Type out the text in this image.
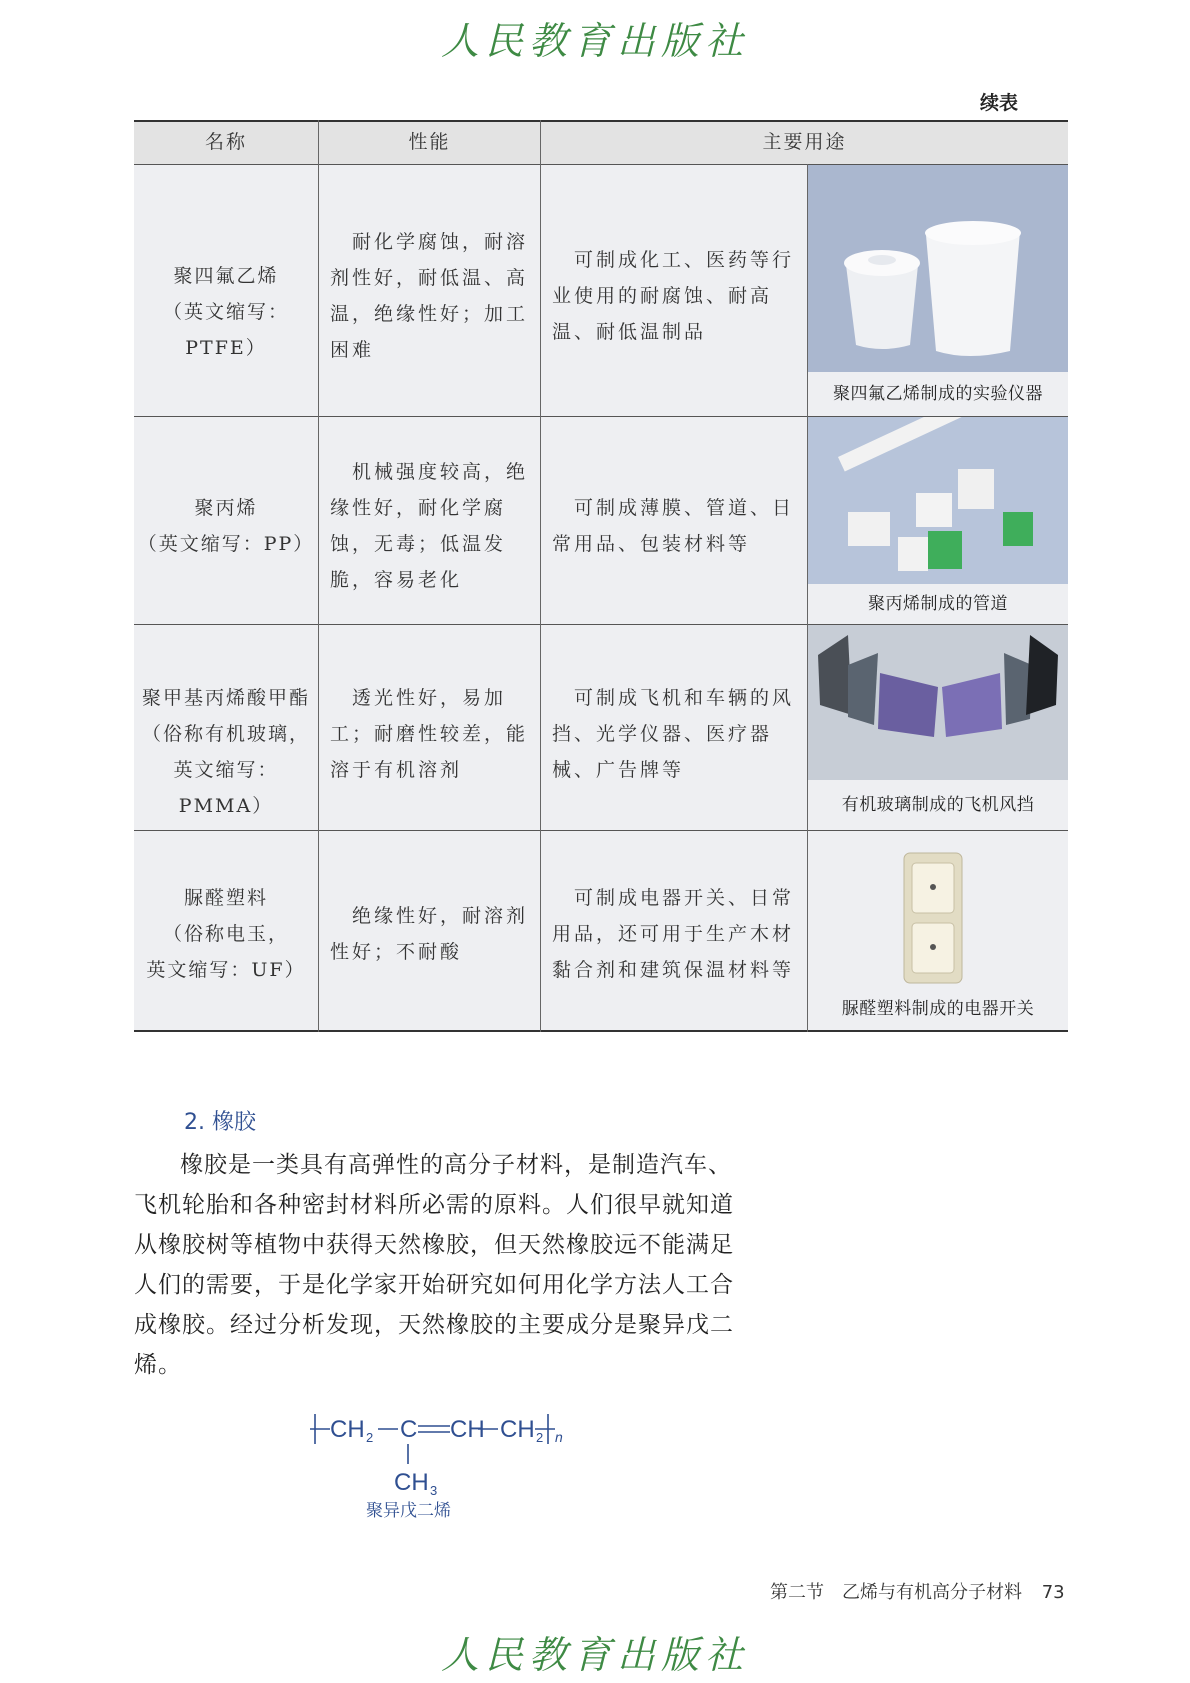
人民教育出版社
续表
名称	性能	主要用途
聚四氟乙烯
（英文缩写：PTFE）
耐化学腐蚀，耐溶剂性好，耐低温、高温，绝缘性好；加工困难
可制成化工、医药等行业使用的耐腐蚀、耐高温、耐低温制品
聚四氟乙烯制成的实验仪器
聚丙烯
（英文缩写：PP）
机械强度较高，绝缘性好，耐化学腐蚀，无毒；低温发脆，容易老化
可制成薄膜、管道、日常用品、包装材料等
聚丙烯制成的管道
聚甲基丙烯酸甲酯
（俗称有机玻璃，
英文缩写：PMMA）
透光性好，易加工；耐磨性较差，能溶于有机溶剂
可制成飞机和车辆的风挡、光学仪器、医疗器械、广告牌等
有机玻璃制成的飞机风挡
脲醛塑料
（俗称电玉，
英文缩写：UF）
绝缘性好，耐溶剂性好；不耐酸
可制成电器开关、日常用品，还可用于生产木材黏合剂和建筑保温材料等
脲醛塑料制成的电器开关
2. 橡胶
橡胶是一类具有高弹性的高分子材料，是制造汽车、飞机轮胎和各种密封材料所必需的原料。人们很早就知道从橡胶树等植物中获得天然橡胶，但天然橡胶远不能满足人们的需要，于是化学家开始研究如何用化学方法人工合成橡胶。经过分析发现，天然橡胶的主要成分是聚异戊二烯。
CH 2 C CH CH 2 n
CH 3
聚异戊二烯
第二节　乙烯与有机高分子材料 73
人民教育出版社
